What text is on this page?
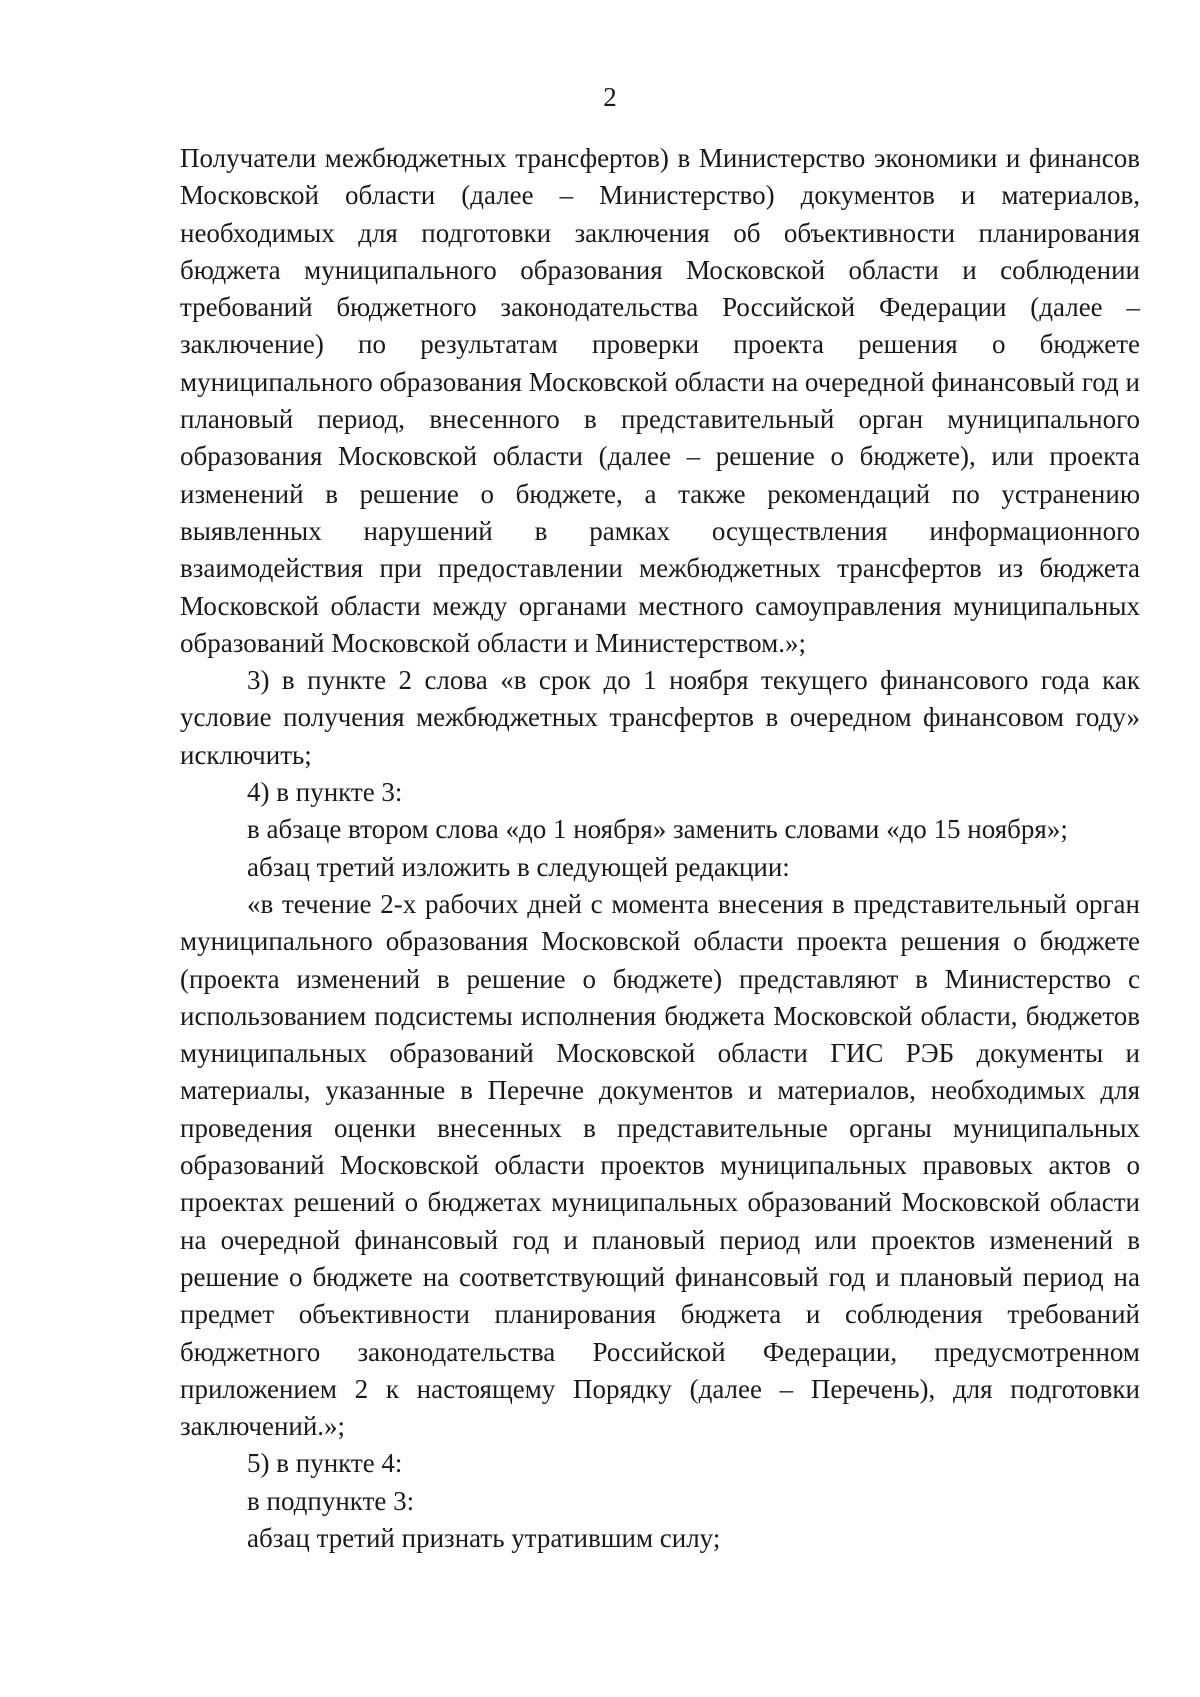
2

Получатели межбюджетных трансфертов) в Министерство экономики и финансов Московской области (далее – Министерство) документов и материалов, необходимых для подготовки заключения об объективности планирования бюджета муниципального образования Московской области и соблюдении требований бюджетного законодательства Российской Федерации (далее – заключение) по результатам проверки проекта решения о бюджете муниципального образования Московской области на очередной финансовый год и плановый период, внесенного в представительный орган муниципального образования Московской области (далее – решение о бюджете), или проекта изменений в решение о бюджете, а также рекомендаций по устранению выявленных нарушений в рамках осуществления информационного взаимодействия при предоставлении межбюджетных трансфертов из бюджета Московской области между органами местного самоуправления муниципальных образований Московской области и Министерством.»;

3) в пункте 2 слова «в срок до 1 ноября текущего финансового года как условие получения межбюджетных трансфертов в очередном финансовом году» исключить;

4) в пункте 3:

в абзаце втором слова «до 1 ноября» заменить словами «до 15 ноября»;

абзац третий изложить в следующей редакции:

«в течение 2-х рабочих дней с момента внесения в представительный орган муниципального образования Московской области проекта решения о бюджете (проекта изменений в решение о бюджете) представляют в Министерство с использованием подсистемы исполнения бюджета Московской области, бюджетов муниципальных образований Московской области ГИС РЭБ документы и материалы, указанные в Перечне документов и материалов, необходимых для проведения оценки внесенных в представительные органы муниципальных образований Московской области проектов муниципальных правовых актов о проектах решений о бюджетах муниципальных образований Московской области на очередной финансовый год и плановый период или проектов изменений в решение о бюджете на соответствующий финансовый год и плановый период на предмет объективности планирования бюджета и соблюдения требований бюджетного законодательства Российской Федерации, предусмотренном приложением 2 к настоящему Порядку (далее – Перечень), для подготовки заключений.»;

5) в пункте 4:

в подпункте 3:

абзац третий признать утратившим силу;
